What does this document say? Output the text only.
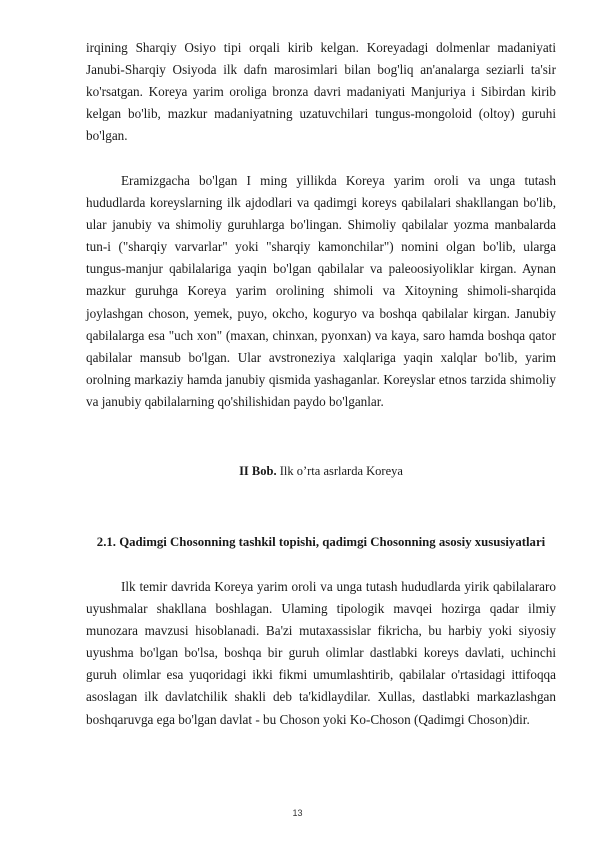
irqining Sharqiy Osiyo tipi orqali kirib kelgan. Koreyadagi dolmenlar madaniyati Janubi-Sharqiy Osiyoda ilk dafn marosimlari bilan bog'liq an'analarga seziarli ta'sir ko'rsatgan. Koreya yarim oroliga bronza davri madaniyati Manjuriya i Sibirdan kirib kelgan bo'lib, mazkur madaniyatning uzatuvchilari tungus-mongoloid (oltoy) guruhi bo'lgan.

Eramizgacha bo'lgan I ming yillikda Koreya yarim oroli va unga tutash hududlarda koreyslarning ilk ajdodlari va qadimgi koreys qabilalari shakllangan bo'lib, ular janubiy va shimoliy guruhlarga bo'lingan. Shimoliy qabilalar yozma manbalarda tun-i ("sharqiy varvarlar" yoki "sharqiy kamonchilar") nomini olgan bo'lib, ularga tungus-manjur qabilalariga yaqin bo'lgan qabilalar va paleoosiyoliklar kirgan. Aynan mazkur guruhga Koreya yarim orolining shimoli va Xitoyning shimoli-sharqida joylashgan choson, yemek, puyo, okcho, koguryo va boshqa qabilalar kirgan. Janubiy qabilalarga esa "uch xon" (maxan, chinxan, pyonxan) va kaya, saro hamda boshqa qator qabilalar mansub bo'lgan. Ular avstroneziya xalqlariga yaqin xalqlar bo'lib, yarim orolning markaziy hamda janubiy qismida yashaganlar. Koreyslar etnos tarzida shimoliy va janubiy qabilalarning qo'shilishidan paydo bo'lganlar.

II Bob. Ilk o’rta asrlarda Koreya
2.1. Qadimgi Chosonning tashkil topishi, qadimgi Chosonning asosiy xususiyatlari

Ilk temir davrida Koreya yarim oroli va unga tutash hududlarda yirik qabilalararo uyushmalar shakllana boshlagan. Ulaming tipologik mavqei hozirga qadar ilmiy munozara mavzusi hisoblanadi. Ba'zi mutaxassislar fikricha, bu harbiy yoki siyosiy uyushma bo'lgan bo'lsa, boshqa bir guruh olimlar dastlabki koreys davlati, uchinchi guruh olimlar esa yuqoridagi ikki fikmi umumlashtirib, qabilalar o'rtasidagi ittifoqqa asoslagan ilk davlatchilik shakli deb ta'kidlaydilar. Xullas, dastlabki markazlashgan boshqaruvga ega bo'lgan davlat - bu Choson yoki Ko-Choson (Qadimgi Choson)dir.

13
